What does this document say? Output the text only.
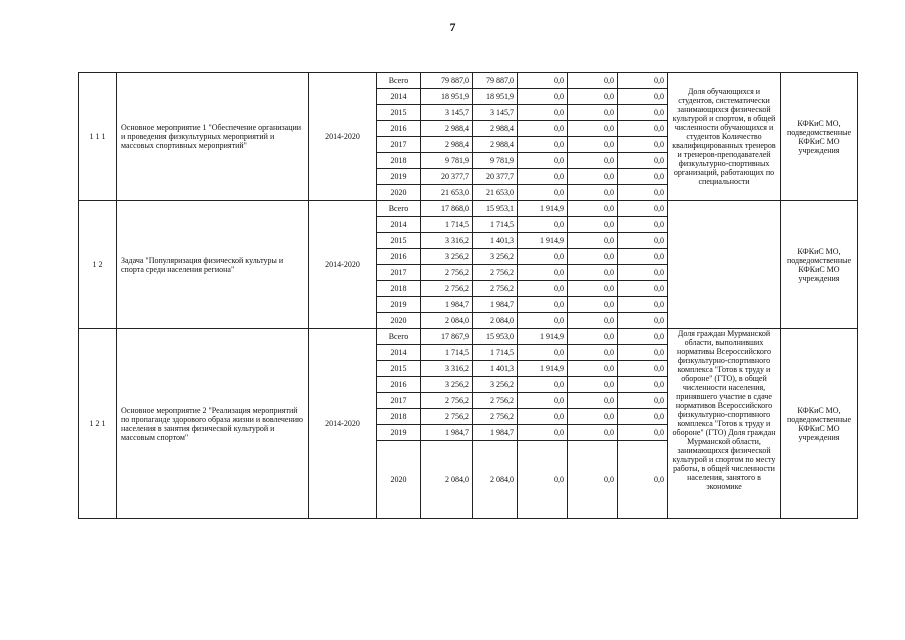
7
1 1 1	Основное мероприятие 1 "Обеспечение организации и проведения физкультурных мероприятий и массовых спортивных мероприятий"	2014-2020	Всего	79 887,0	79 887,0	0,0	0,0	0,0	Доля обучающихся и студентов, систематически занимающихся физической культурой и спортом, в общей численности обучающихся и студентов Количество квалифицированных тренеров и тренеров-преподавателей физкультурно-спортивных организаций, работающих по специальности	КФКиС МО, подведомственные КФКиС МО учреждения
			2014	18 951,9	18 951,9	0,0	0,0	0,0		
			2015	3 145,7	3 145,7	0,0	0,0	0,0		
			2016	2 988,4	2 988,4	0,0	0,0	0,0		
			2017	2 988,4	2 988,4	0,0	0,0	0,0		
			2018	9 781,9	9 781,9	0,0	0,0	0,0		
			2019	20 377,7	20 377,7	0,0	0,0	0,0		
			2020	21 653,0	21 653,0	0,0	0,0	0,0		
1 2	Задача "Популяризация физической культуры и спорта среди населения региона"	2014-2020	Всего	17 868,0	15 953,1	1 914,9	0,0	0,0		КФКиС МО, подведомственные КФКиС МО учреждения
			2014	1 714,5	1 714,5	0,0	0,0	0,0		
			2015	3 316,2	1 401,3	1 914,9	0,0	0,0		
			2016	3 256,2	3 256,2	0,0	0,0	0,0		
			2017	2 756,2	2 756,2	0,0	0,0	0,0		
			2018	2 756,2	2 756,2	0,0	0,0	0,0		
			2019	1 984,7	1 984,7	0,0	0,0	0,0		
			2020	2 084,0	2 084,0	0,0	0,0	0,0		
1 2 1	Основное мероприятие 2 "Реализация мероприятий по пропаганде здорового образа жизни и вовлечению населения в занятия физической культурой и массовым спортом"	2014-2020	Всего	17 867,9	15 953,0	1 914,9	0,0	0,0	Доля граждан Мурманской области, выполнивших нормативы Всероссийского физкультурно-спортивного комплекса "Готов к труду и обороне" (ГТО), в общей численности населения, принявшего участие в сдаче нормативов Всероссийского физкультурно-спортивного комплекса "Готов к труду и обороне" (ГТО) Доля граждан Мурманской области, занимающихся физической культурой и спортом по месту работы, в общей численности населения, занятого в экономике	КФКиС МО, подведомственные КФКиС МО учреждения
			2014	1 714,5	1 714,5	0,0	0,0	0,0		
			2015	3 316,2	1 401,3	1 914,9	0,0	0,0		
			2016	3 256,2	3 256,2	0,0	0,0	0,0		
			2017	2 756,2	2 756,2	0,0	0,0	0,0		
			2018	2 756,2	2 756,2	0,0	0,0	0,0		
			2019	1 984,7	1 984,7	0,0	0,0	0,0		
			2020	2 084,0	2 084,0	0,0	0,0	0,0		
